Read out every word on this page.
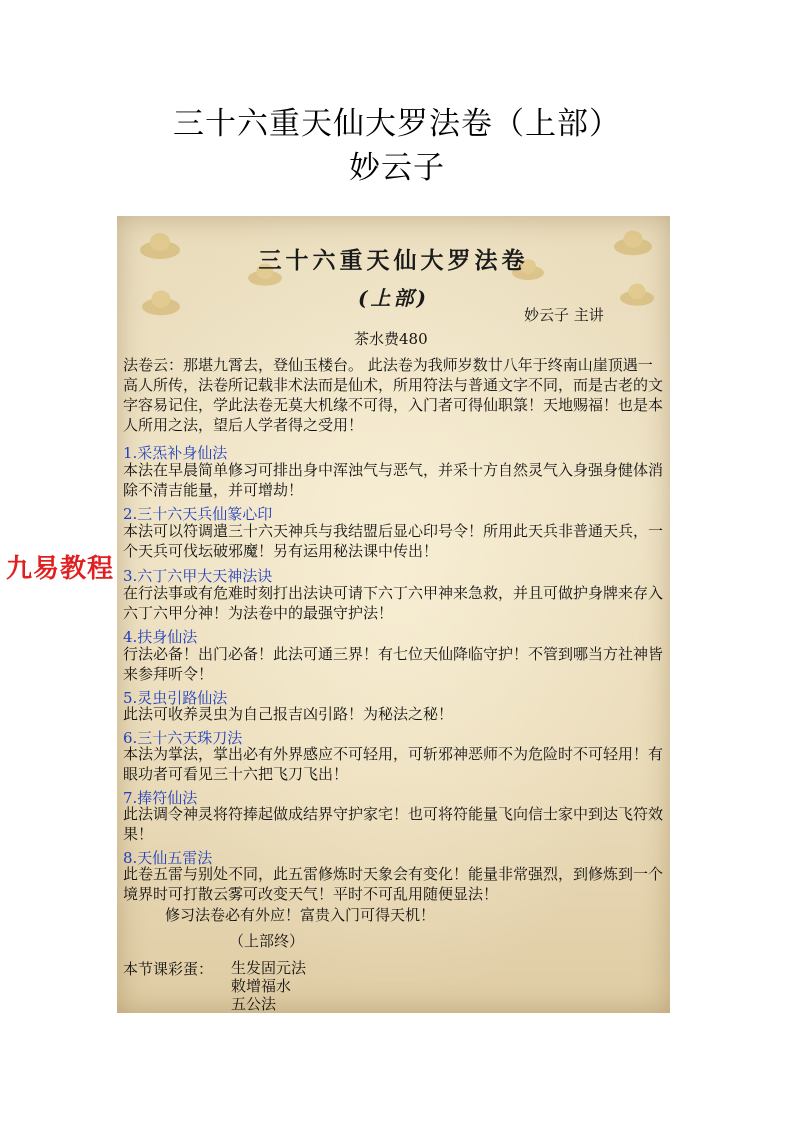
三十六重天仙大罗法卷（上部）
妙云子
三十六重天仙大罗法卷
(上部)
妙云子 主讲
茶水费480
法卷云：那堪九霄去，登仙玉楼台。 此法卷为我师岁数廿八年于终南山崖顶遇一高人所传，法卷所记载非术法而是仙术，所用符法与普通文字不同，而是古老的文字容易记住，学此法卷无莫大机缘不可得，入门者可得仙职箓！天地赐福！也是本人所用之法，望后人学者得之受用！
1.采炁补身仙法
本法在早晨简单修习可排出身中浑浊气与恶气，并采十方自然灵气入身强身健体消除不清吉能量，并可增劫！
2.三十六天兵仙篆心印
本法可以符调遣三十六天神兵与我结盟后显心印号令！所用此天兵非普通天兵，一个天兵可伐坛破邪魔！另有运用秘法课中传出！
3.六丁六甲大天神法诀
在行法事或有危难时刻打出法诀可请下六丁六甲神来急救，并且可做护身牌来存入六丁六甲分神！为法卷中的最强守护法！
4.扶身仙法
行法必备！出门必备！此法可通三界！有七位天仙降临守护！不管到哪当方社神皆来参拜听令！
5.灵虫引路仙法
此法可收养灵虫为自己报吉凶引路！为秘法之秘！
6.三十六天珠刀法
本法为掌法，掌出必有外界感应不可轻用，可斩邪神恶师不为危险时不可轻用！有眼功者可看见三十六把飞刀飞出！
7.捧符仙法
此法调令神灵将符捧起做成结界守护家宅！也可将符能量飞向信士家中到达飞符效果！
8.天仙五雷法
此卷五雷与别处不同，此五雷修炼时天象会有变化！能量非常强烈，到修炼到一个境界时可打散云雾可改变天气！平时不可乱用随便显法！
修习法卷必有外应！富贵入门可得天机！
（上部终）
本节课彩蛋： 生发固元法
敕增福水
五公法
九易教程
